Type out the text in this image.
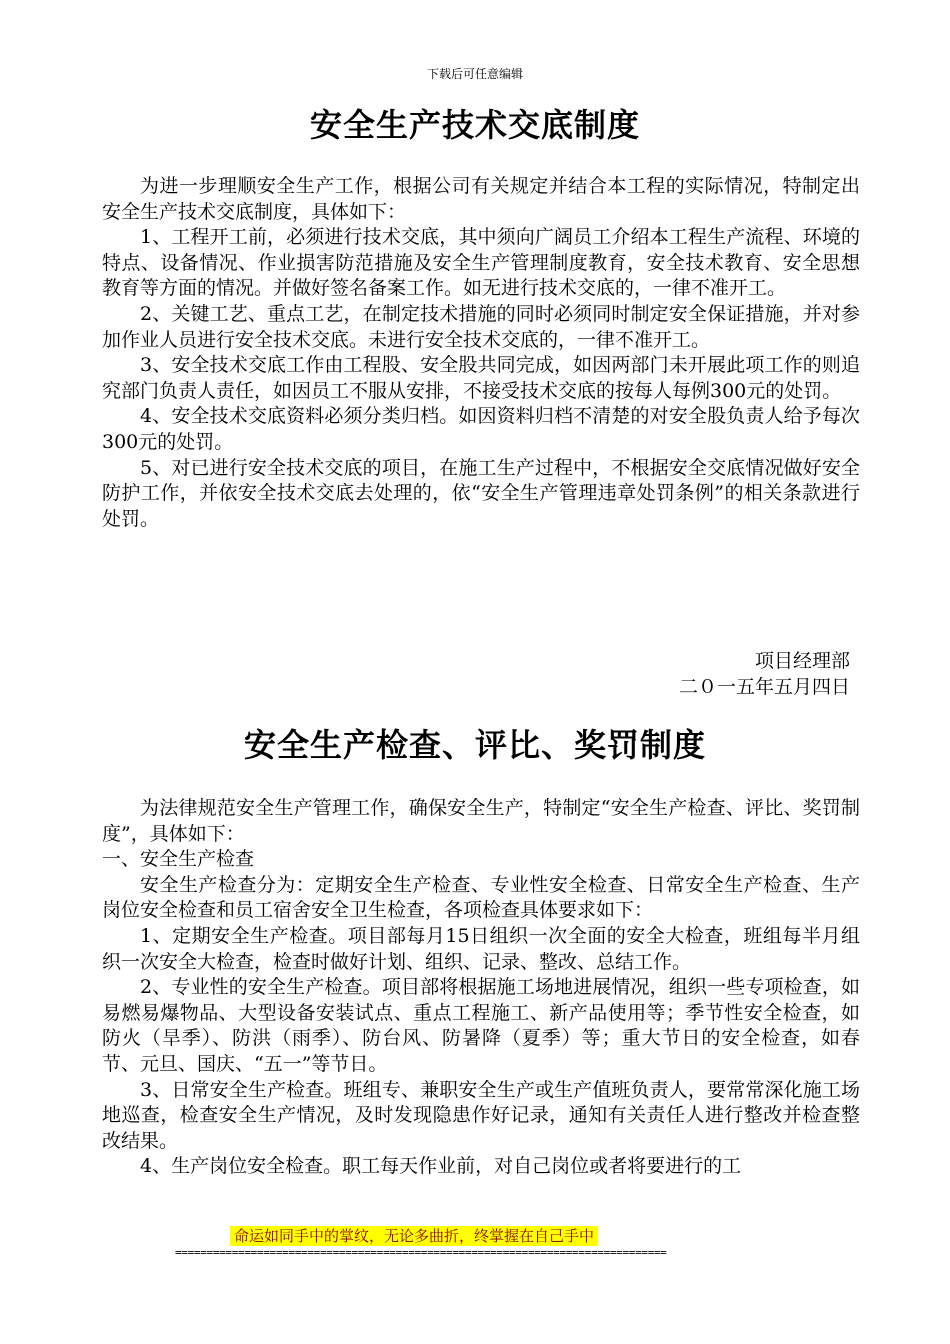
下载后可任意编辑
安全生产技术交底制度

为进一步理顺安全生产工作，根据公司有关规定并结合本工程的实际情况，特制定出安全生产技术交底制度，具体如下：

1、工程开工前，必须进行技术交底，其中须向广阔员工介绍本工程生产流程、环境的特点、设备情况、作业损害防范措施及安全生产管理制度教育，安全技术教育、安全思想教育等方面的情况。并做好签名备案工作。如无进行技术交底的，一律不准开工。

2、关键工艺、重点工艺，在制定技术措施的同时必须同时制定安全保证措施，并对参加作业人员进行安全技术交底。未进行安全技术交底的，一律不准开工。

3、安全技术交底工作由工程股、安全股共同完成，如因两部门未开展此项工作的则追究部门负责人责任，如因员工不服从安排，不接受技术交底的按每人每例300元的处罚。

4、安全技术交底资料必须分类归档。如因资料归档不清楚的对安全股负责人给予每次300元的处罚。

5、对已进行安全技术交底的项目，在施工生产过程中，不根据安全交底情况做好安全防护工作，并依安全技术交底去处理的，依“安全生产管理违章处罚条例”的相关条款进行处罚。

项目经理部
二０一五年五月四日
安全生产检查、评比、奖罚制度

为法律规范安全生产管理工作，确保安全生产，特制定“安全生产检查、评比、奖罚制度”，具体如下：

一、安全生产检查

安全生产检查分为：定期安全生产检查、专业性安全检查、日常安全生产检查、生产岗位安全检查和员工宿舍安全卫生检查，各项检查具体要求如下：

1、定期安全生产检查。项目部每月15日组织一次全面的安全大检查，班组每半月组织一次安全大检查，检查时做好计划、组织、记录、整改、总结工作。

2、专业性的安全生产检查。项目部将根据施工场地进展情况，组织一些专项检查，如易燃易爆物品、大型设备安装试点、重点工程施工、新产品使用等；季节性安全检查，如防火（旱季）、防洪（雨季）、防台风、防暑降（夏季）等；重大节日的安全检查，如春节、元旦、国庆、“五一”等节日。

3、日常安全生产检查。班组专、兼职安全生产或生产值班负责人，要常常深化施工场地巡查，检查安全生产情况，及时发现隐患作好记录，通知有关责任人进行整改并检查整改结果。

4、生产岗位安全检查。职工每天作业前，对自己岗位或者将要进行的工

命运如同手中的掌纹，无论多曲折，终掌握在自己手中
==============================================================================
